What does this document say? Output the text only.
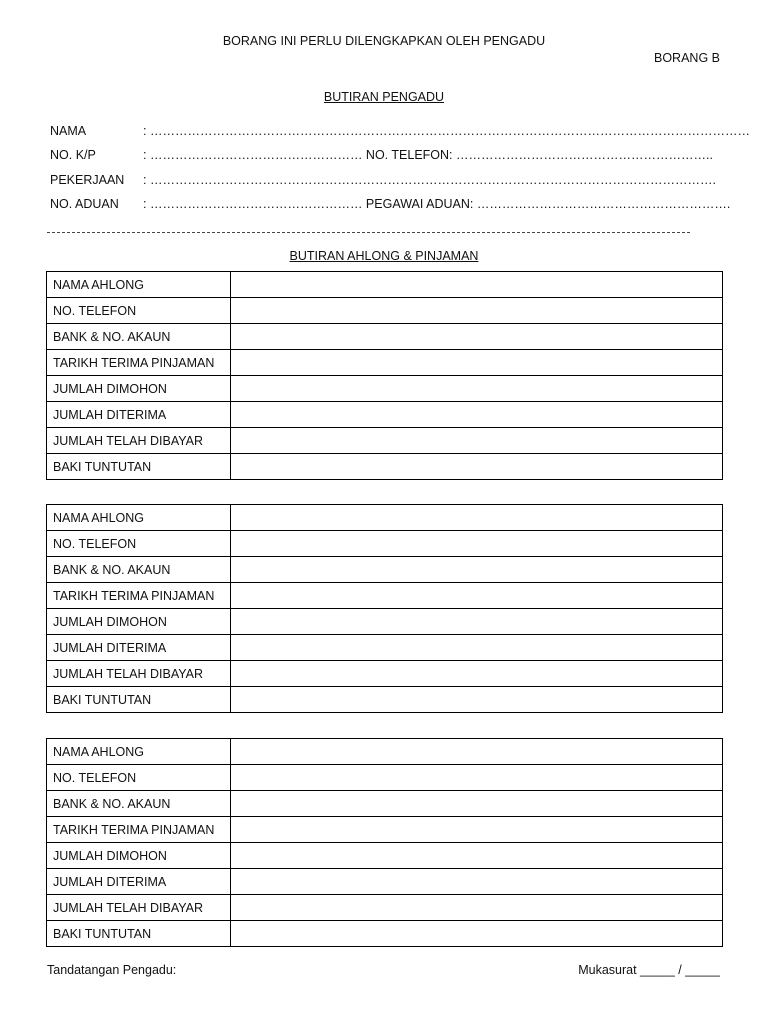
BORANG INI PERLU DILENGKAPKAN OLEH PENGADU
BORANG B
BUTIRAN PENGADU
NAMA	: ………………………………………………………………………………………………………………………………
NO. K/P	: …………………………………………… NO. TELEFON: ……………………………………………………..
PEKERJAAN : ……………………………………………………………………………………………………………………….
NO. ADUAN : …………………………………………… PEGAWAI ADUAN: …………………………………………………….
BUTIRAN AHLONG & PINJAMAN
NAMA AHLONG	
NO. TELEFON	
BANK & NO. AKAUN	
TARIKH TERIMA PINJAMAN	
JUMLAH DIMOHON	
JUMLAH DITERIMA	
JUMLAH TELAH DIBAYAR	
BAKI TUNTUTAN	
NAMA AHLONG	
NO. TELEFON	
BANK & NO. AKAUN	
TARIKH TERIMA PINJAMAN	
JUMLAH DIMOHON	
JUMLAH DITERIMA	
JUMLAH TELAH DIBAYAR	
BAKI TUNTUTAN	
NAMA AHLONG	
NO. TELEFON	
BANK & NO. AKAUN	
TARIKH TERIMA PINJAMAN	
JUMLAH DIMOHON	
JUMLAH DITERIMA	
JUMLAH TELAH DIBAYAR	
BAKI TUNTUTAN	
Tandatangan Pengadu:	Mukasurat _____ / _____
